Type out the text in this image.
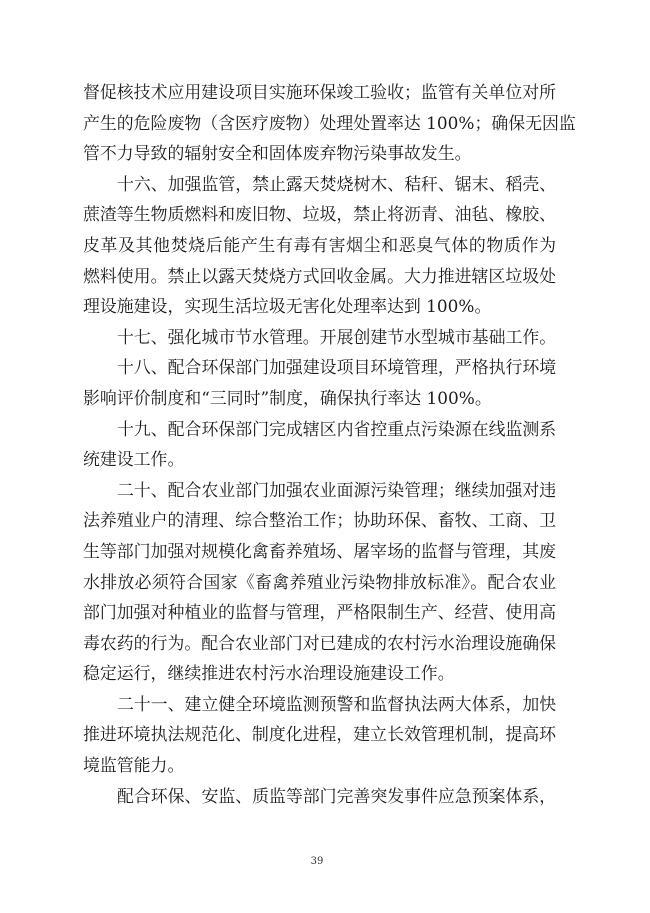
督促核技术应用建设项目实施环保竣工验收；监管有关单位对所
产生的危险废物（含医疗废物）处理处置率达 100%；确保无因监
管不力导致的辐射安全和固体废弃物污染事故发生。
十六、加强监管，禁止露天焚烧树木、秸秆、锯末、稻壳、
蔗渣等生物质燃料和废旧物、垃圾，禁止将沥青、油毡、橡胶、
皮革及其他焚烧后能产生有毒有害烟尘和恶臭气体的物质作为
燃料使用。禁止以露天焚烧方式回收金属。大力推进辖区垃圾处
理设施建设，实现生活垃圾无害化处理率达到 100%。
十七、强化城市节水管理。开展创建节水型城市基础工作。
十八、配合环保部门加强建设项目环境管理，严格执行环境
影响评价制度和“三同时”制度，确保执行率达 100%。
十九、配合环保部门完成辖区内省控重点污染源在线监测系
统建设工作。
二十、配合农业部门加强农业面源污染管理；继续加强对违
法养殖业户的清理、综合整治工作；协助环保、畜牧、工商、卫
生等部门加强对规模化禽畜养殖场、屠宰场的监督与管理，其废
水排放必须符合国家《畜禽养殖业污染物排放标准》。配合农业
部门加强对种植业的监督与管理，严格限制生产、经营、使用高
毒农药的行为。配合农业部门对已建成的农村污水治理设施确保
稳定运行，继续推进农村污水治理设施建设工作。
二十一、建立健全环境监测预警和监督执法两大体系，加快
推进环境执法规范化、制度化进程，建立长效管理机制，提高环
境监管能力。
配合环保、安监、质监等部门完善突发事件应急预案体系，
39
